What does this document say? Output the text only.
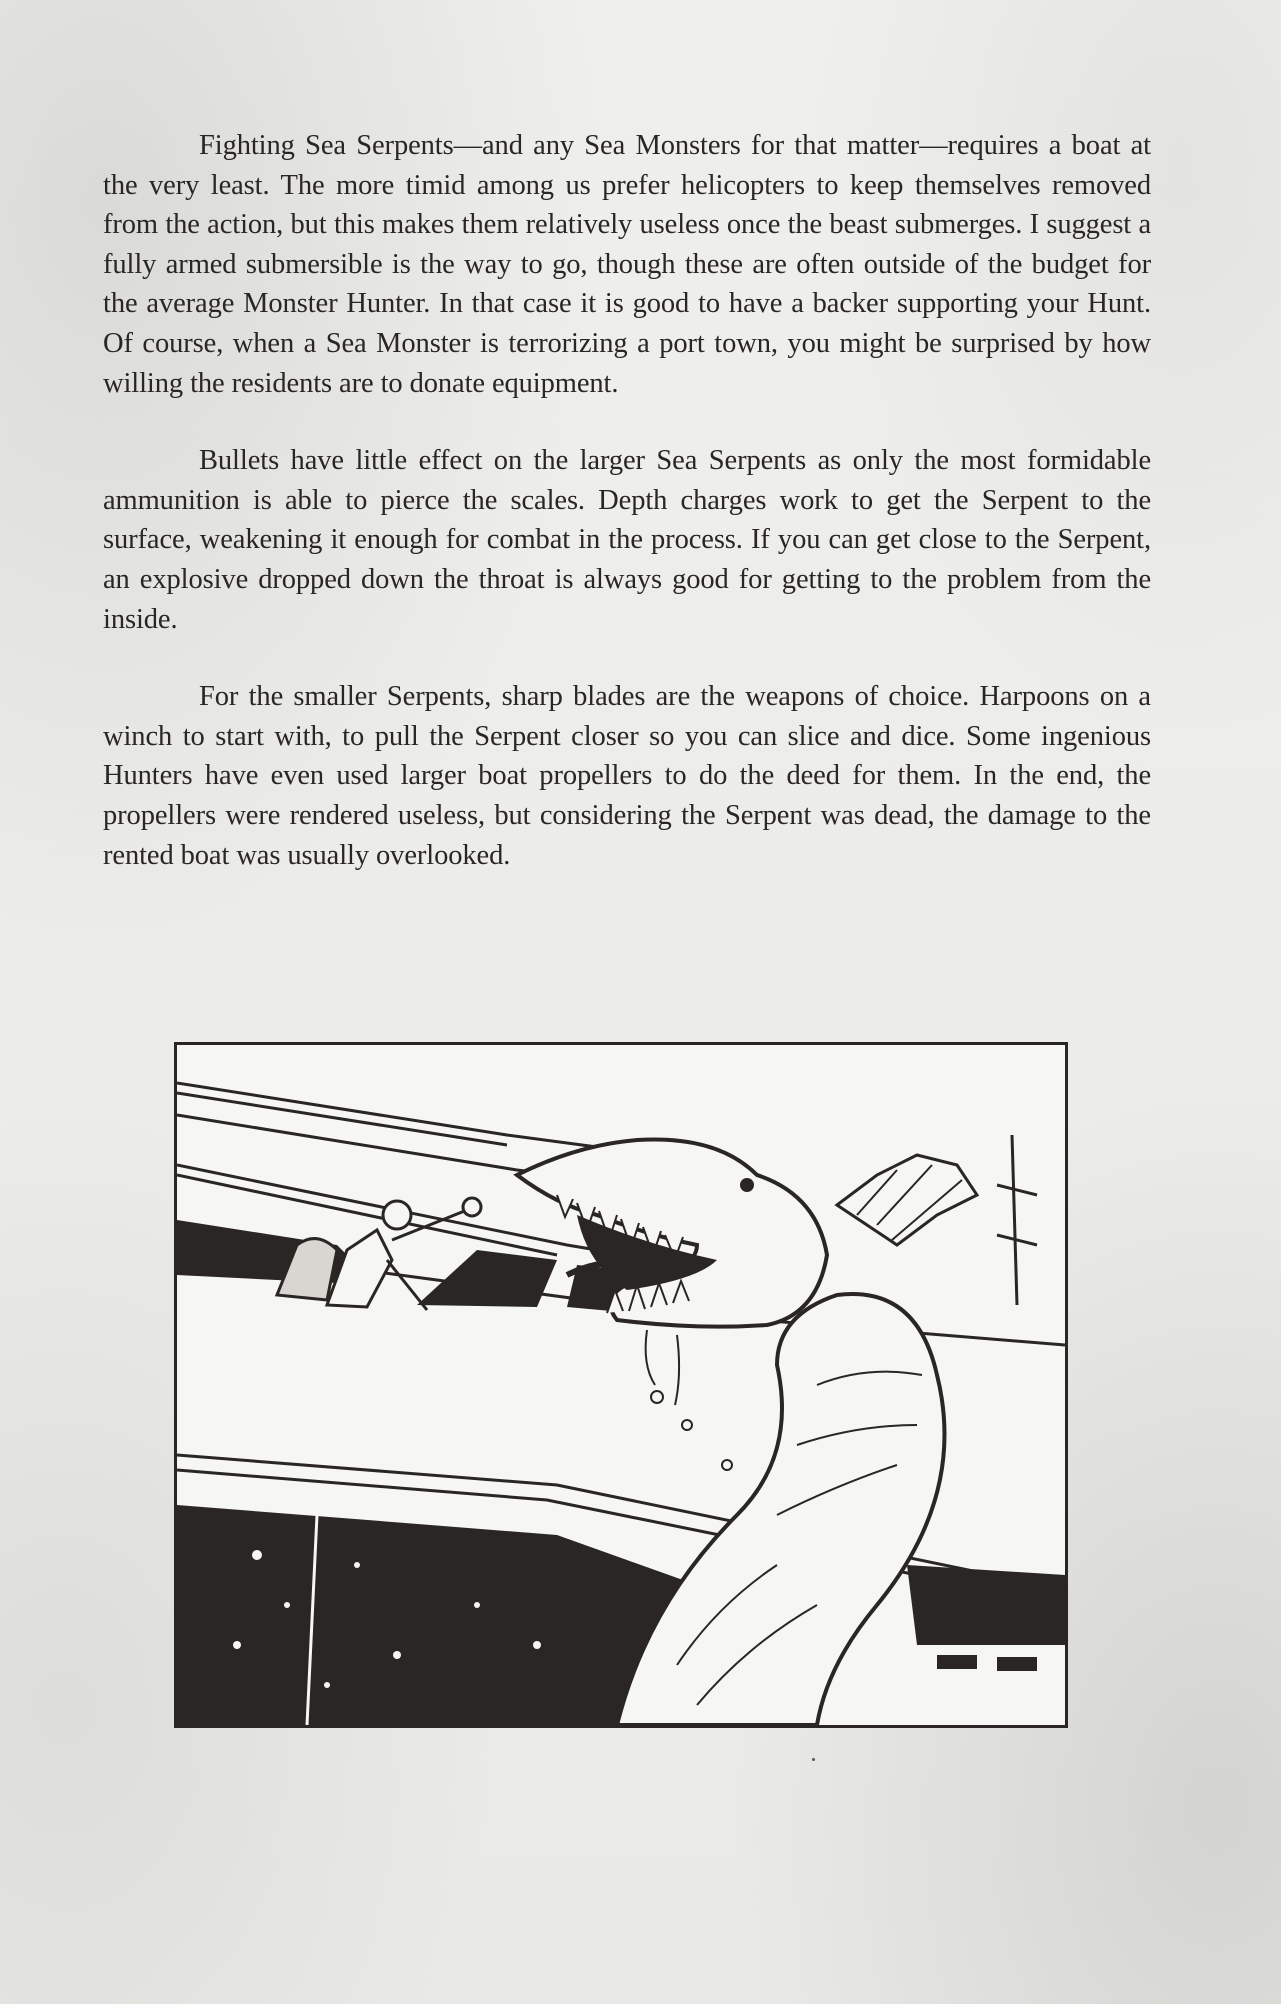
Fighting Sea Serpents—and any Sea Monsters for that matter—requires a boat at the very least. The more timid among us prefer helicopters to keep themselves removed from the action, but this makes them relatively useless once the beast submerges. I suggest a fully armed submersible is the way to go, though these are often outside of the budget for the average Monster Hunter. In that case it is good to have a backer supporting your Hunt. Of course, when a Sea Monster is terrorizing a port town, you might be surprised by how willing the residents are to donate equipment.

Bullets have little effect on the larger Sea Serpents as only the most formidable ammunition is able to pierce the scales. Depth charges work to get the Serpent to the surface, weakening it enough for combat in the process. If you can get close to the Serpent, an explosive dropped down the throat is always good for getting to the problem from the inside.

For the smaller Serpents, sharp blades are the weapons of choice. Harpoons on a winch to start with, to pull the Serpent closer so you can slice and dice. Some ingenious Hunters have even used larger boat propellers to do the deed for them. In the end, the propellers were rendered useless, but considering the Serpent was dead, the damage to the rented boat was usually overlooked.
